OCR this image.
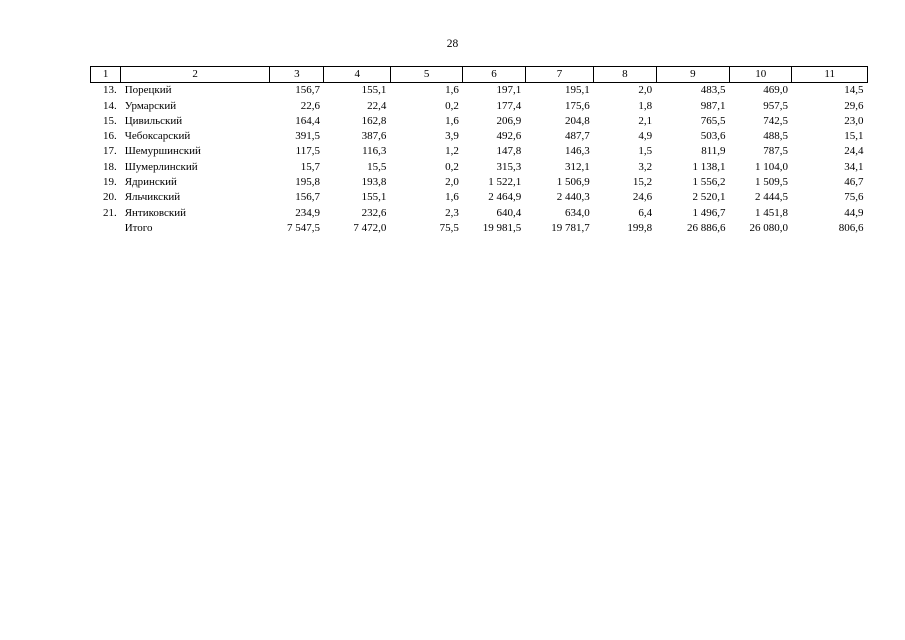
28
1	2	3	4	5	6	7	8	9	10	11
13.	Порецкий	156,7	155,1	1,6	197,1	195,1	2,0	483,5	469,0	14,5
14.	Урмарский	22,6	22,4	0,2	177,4	175,6	1,8	987,1	957,5	29,6
15.	Цивильский	164,4	162,8	1,6	206,9	204,8	2,1	765,5	742,5	23,0
16.	Чебоксарский	391,5	387,6	3,9	492,6	487,7	4,9	503,6	488,5	15,1
17.	Шемуршинский	117,5	116,3	1,2	147,8	146,3	1,5	811,9	787,5	24,4
18.	Шумерлинский	15,7	15,5	0,2	315,3	312,1	3,2	1 138,1	1 104,0	34,1
19.	Ядринский	195,8	193,8	2,0	1 522,1	1 506,9	15,2	1 556,2	1 509,5	46,7
20.	Яльчикский	156,7	155,1	1,6	2 464,9	2 440,3	24,6	2 520,1	2 444,5	75,6
21.	Янтиковский	234,9	232,6	2,3	640,4	634,0	6,4	1 496,7	1 451,8	44,9
	Итого	7 547,5	7 472,0	75,5	19 981,5	19 781,7	199,8	26 886,6	26 080,0	806,6
